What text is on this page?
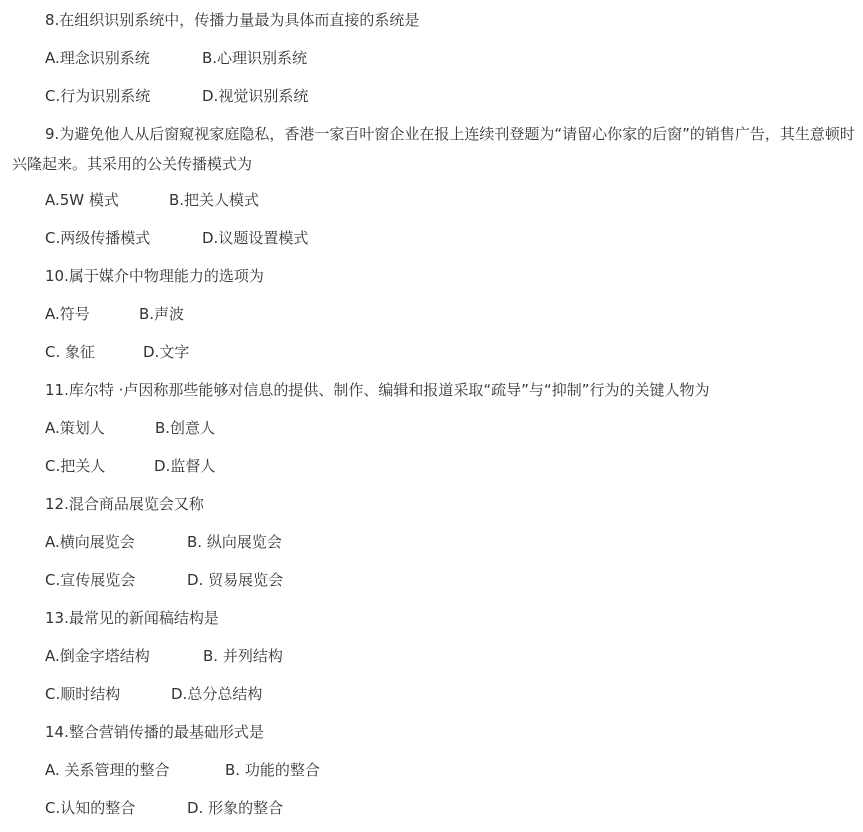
8.在组织识别系统中，传播力量最为具体而直接的系统是
A.理念识别系统	B.心理识别系统
C.行为识别系统	D.视觉识别系统
9.为避免他人从后窗窥视家庭隐私，香港一家百叶窗企业在报上连续刊登题为“请留心你家的后窗”的销售广告，其生意顿时兴隆起来。其采用的公关传播模式为
A.5W 模式	B.把关人模式
C.两级传播模式	D.议题设置模式
10.属于媒介中物理能力的选项为
A.符号	B.声波
C. 象征	D.文字
11.库尔特 ·卢因称那些能够对信息的提供、制作、编辑和报道采取“疏导”与“抑制”行为的关键人物为
A.策划人	B.创意人
C.把关人	D.监督人
12.混合商品展览会又称
A.横向展览会	B. 纵向展览会
C.宣传展览会	D. 贸易展览会
13.最常见的新闻稿结构是
A.倒金字塔结构	B. 并列结构
C.顺时结构	D.总分总结构
14.整合营销传播的最基础形式是
A. 关系管理的整合	B. 功能的整合
C.认知的整合	D. 形象的整合
